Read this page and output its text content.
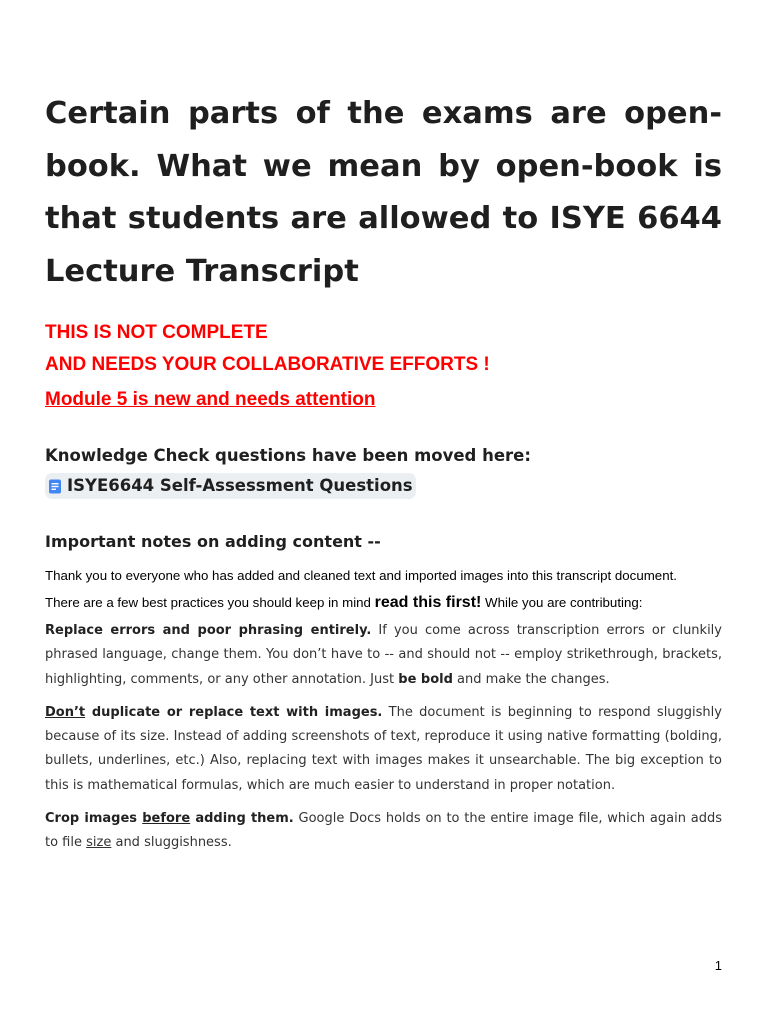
Certain parts of the exams are open-book. What we mean by open-book is that students are allowed to ISYE 6644 Lecture Transcript

THIS IS NOT COMPLETE

AND NEEDS YOUR COLLABORATIVE EFFORTS !

Module 5 is new and needs attention

Knowledge Check questions have been moved here:

ISYE6644 Self-Assessment Questions

Important notes on adding content --

Thank you to everyone who has added and cleaned text and imported images into this transcript document.

There are a few best practices you should keep in mind read this first! While you are contributing:

Replace errors and poor phrasing entirely. If you come across transcription errors or clunkily phrased language, change them. You don’t have to -- and should not -- employ strikethrough, brackets, highlighting, comments, or any other annotation. Just be bold and make the changes.

Don’t duplicate or replace text with images. The document is beginning to respond sluggishly because of its size. Instead of adding screenshots of text, reproduce it using native formatting (bolding, bullets, underlines, etc.) Also, replacing text with images makes it unsearchable. The big exception to this is mathematical formulas, which are much easier to understand in proper notation.

Crop images before adding them. Google Docs holds on to the entire image file, which again adds to file size and sluggishness.

1
